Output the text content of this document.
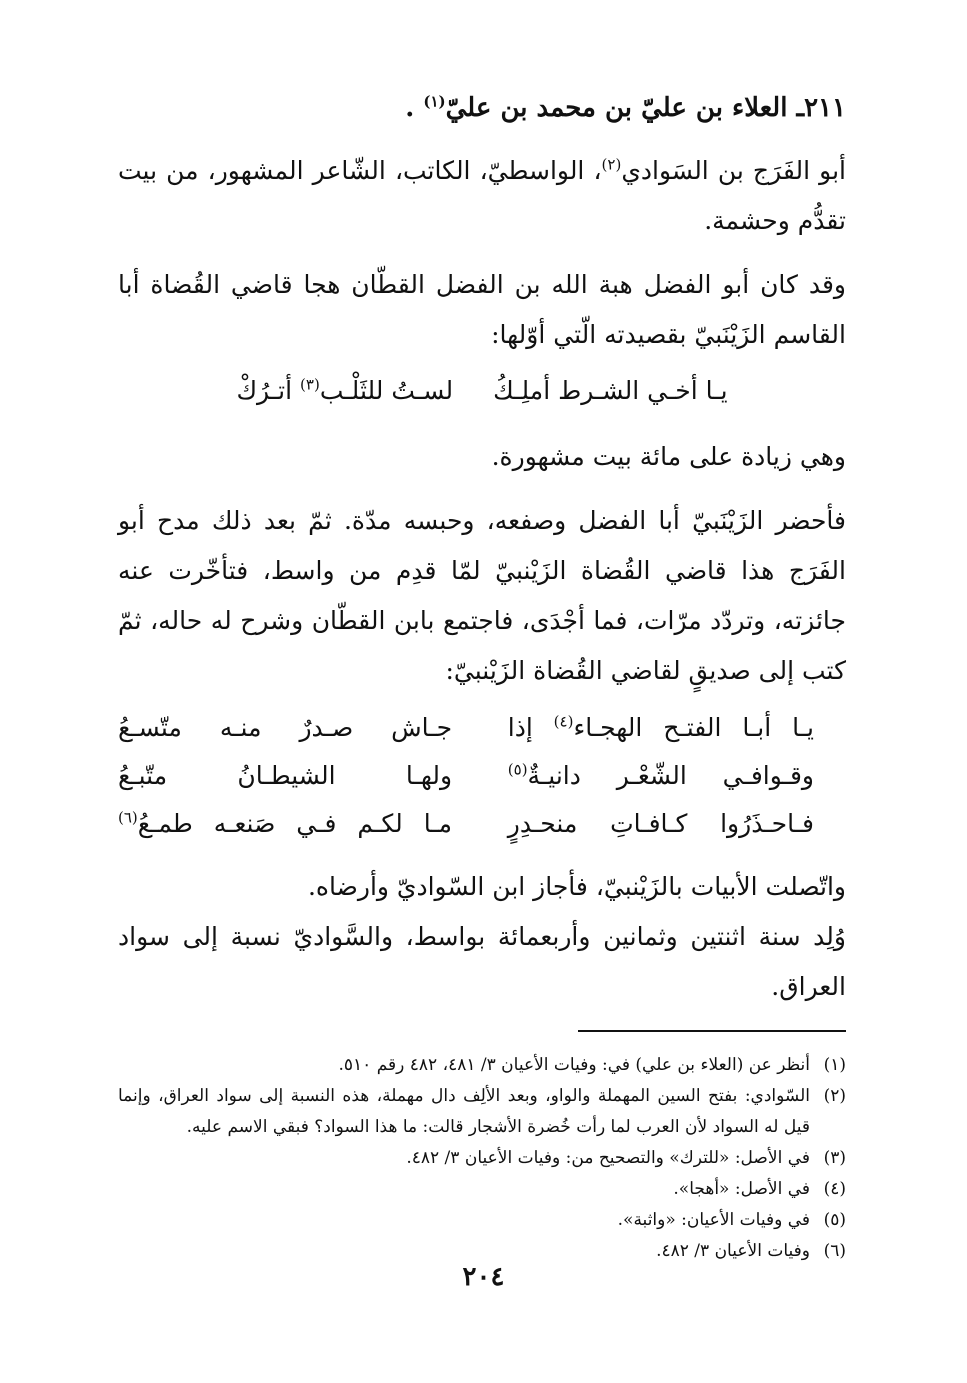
٢١١ـ العلاء بن عليّ بن محمد بن عليّ$^{(١)}$ .

أبو الفَرَج بن السَوادي$^{(٢)}$، الواسطيّ، الكاتب، الشّاعر المشهور، من بيت تقدُّم وحشمة.

وقد كان أبو الفضل هبة الله بن الفضل القطّان هجا قاضي القُضاة أبا القاسم الزَيْنَبيّ بقصيدته الّتي أوّلها:

يـا أخـي الشـرط أملِـكُ
لسـتُ للثَلْـب$^{(٣)}$ أتـرُكْ

وهي زيادة على مائة بيت مشهورة.

فأحضر الزَيْنَبيّ أبا الفضل وصفعه، وحبسه مدّة. ثمّ بعد ذلك مدح أبو الفَرَج هذا قاضي القُضاة الزَيْنبيّ لمّا قدِم من واسط، فتأخّرت عنه جائزته، وتردّد مرّات، فما أجْدَى، فاجتمع بابن القطّان وشرح له حاله، ثمّ كتب إلى صديقٍ لقاضي القُضاة الزَيْنبيّ:

يـا أبـا الفتـح الهجـاء$^{(٤)}$ إذا
جـاش صـدرٌ منـه متّسـعُ
وقـوافـي الشّعْـر دانيـةٌ$^{(٥)}$
ولهـا الشيطـانُ متّبـعُ
فـاحـذَرُوا كـافـاتِ منحـدِرٍ
مـا لكـم فـي صَنعـه طمـعُ$^{(٦)}$

واتّصلت الأبيات بالزَيْنبيّ، فأجاز ابن السّواديّ وأرضاه.

وُلِد سنة اثنتين وثمانين وأربعمائة بواسط، والسَّواديّ نسبة إلى سواد العراق.

(١)
أنظر عن (العلاء بن علي) في: وفيات الأعيان ٣/ ٤٨١، ٤٨٢ رقم ٥١٠.
(٢)
السّوادي: بفتح السين المهملة والواو، وبعد الألِف دال مهملة، هذه النسبة إلى سواد العراق، وإنما قيل له السواد لأن العرب لما رأت خُضرة الأشجار قالت: ما هذا السواد؟ فبقي الاسم عليه.
(٣)
في الأصل: «للترك» والتصحيح من: وفيات الأعيان ٣/ ٤٨٢.
(٤)
في الأصل: «أهجا».
(٥)
في وفيات الأعيان: «واثبة».
(٦)
وفيات الأعيان ٣/ ٤٨٢.
٢٠٤
